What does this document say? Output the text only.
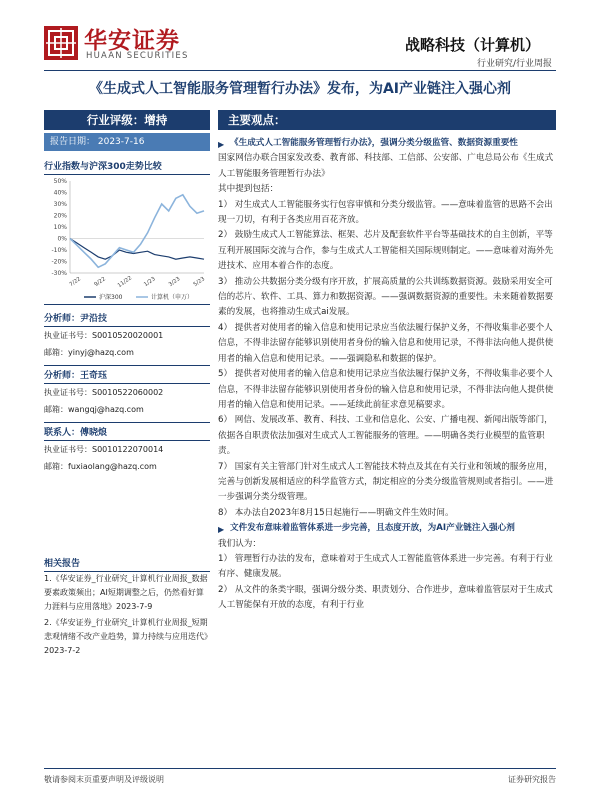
华安证券
HUAAN SECURITIES
战略科技（计算机）
行业研究/行业周报
《生成式人工智能服务管理暂行办法》发布，为AI产业链注入强心剂
行业评级：增持
报告日期： 2023-7-16
行业指数与沪深300走势比较
50%
40%
30%
20%
10%
0%
-10%
-20%
-30%
7/22 9/22 11/22 1/23 3/23 5/23
沪深300	计算机（申万）
分析师：尹沿技
执业证书号：S0010520020001
邮箱：yinyj@hazq.com
分析师：王奇珏
执业证书号：S0010522060002
邮箱：wangqj@hazq.com
联系人：傅晓烺
执业证书号：S0010122070014
邮箱：fuxiaolang@hazq.com
相关报告

1.《华安证券_行业研究_计算机行业周报_数据要素政策频出；AI短期调整之后，仍然看好算力涯料与应用落地》2023-7-9

2.《华安证券_行业研究_计算机行业周报_短期悲观情绪不改产业趋势，算力持续与应用迭代》2023-7-2

主要观点：

▶ 《生成式人工智能服务管理暂行办法》，强调分类分级监管、数据资源重要性

国家网信办联合国家发改委、教育部、科技部、工信部、公安部、广电总局公布《生成式人工智能服务管理暂行办法》

其中提到包括：

1） 对生成式人工智能服务实行包容审慎和分类分级监管。——意味着监管的思路不会出现一刀切，有利于各类应用百花齐放。

2） 鼓励生成式人工智能算法、框架、芯片及配套软件平台等基础技术的自主创新，平等互利开展国际交流与合作，参与生成式人工智能相关国际规则制定。——意味着对海外先进技术、应用本着合作的态度。

3） 推动公共数据分类分级有序开放，扩展高质量的公共训练数据资源。鼓励采用安全可信的芯片、软件、工具、算力和数据资源。——强调数据资源的重要性。未来随着数据要素的发展，也将推动生成式ai发展。

4） 提供者对使用者的输入信息和使用记录应当依法履行保护义务，不得收集非必要个人信息，不得非法留存能够识别使用者身份的输入信息和使用记录，不得非法向他人提供使用者的输入信息和使用记录。——强调隐私和数据的保护。

5） 提供者对使用者的输入信息和使用记录应当依法履行保护义务，不得收集非必要个人信息，不得非法留存能够识别使用者身份的输入信息和使用记录，不得非法向他人提供使用者的输入信息和使用记录。——延续此前征求意见稿要求。

6） 网信、发展改革、教育、科技、工业和信息化、公安、广播电视、新闻出版等部门，依据各自职责依法加强对生成式人工智能服务的管理。——明确各类行业模型的监管职责。

7） 国家有关主管部门针对生成式人工智能技术特点及其在有关行业和领域的服务应用，完善与创新发展相适应的科学监管方式，制定相应的分类分级监管规则或者指引。——进一步强调分类分级管理。

8） 本办法自2023年8月15日起施行——明确文件生效时间。

▶ 文件发布意味着监管体系进一步完善，且态度开放，为AI产业链注入强心剂

我们认为：

1） 管理暂行办法的发布，意味着对于生成式人工智能监管体系进一步完善。有利于行业有序、健康发展。

2） 从文件的条类字眼，强调分级分类、职责划分、合作进步，意味着监管层对于生成式人工智能保有开放的态度，有利于行业

敬请参阅末页重要声明及评级说明	证券研究报告
